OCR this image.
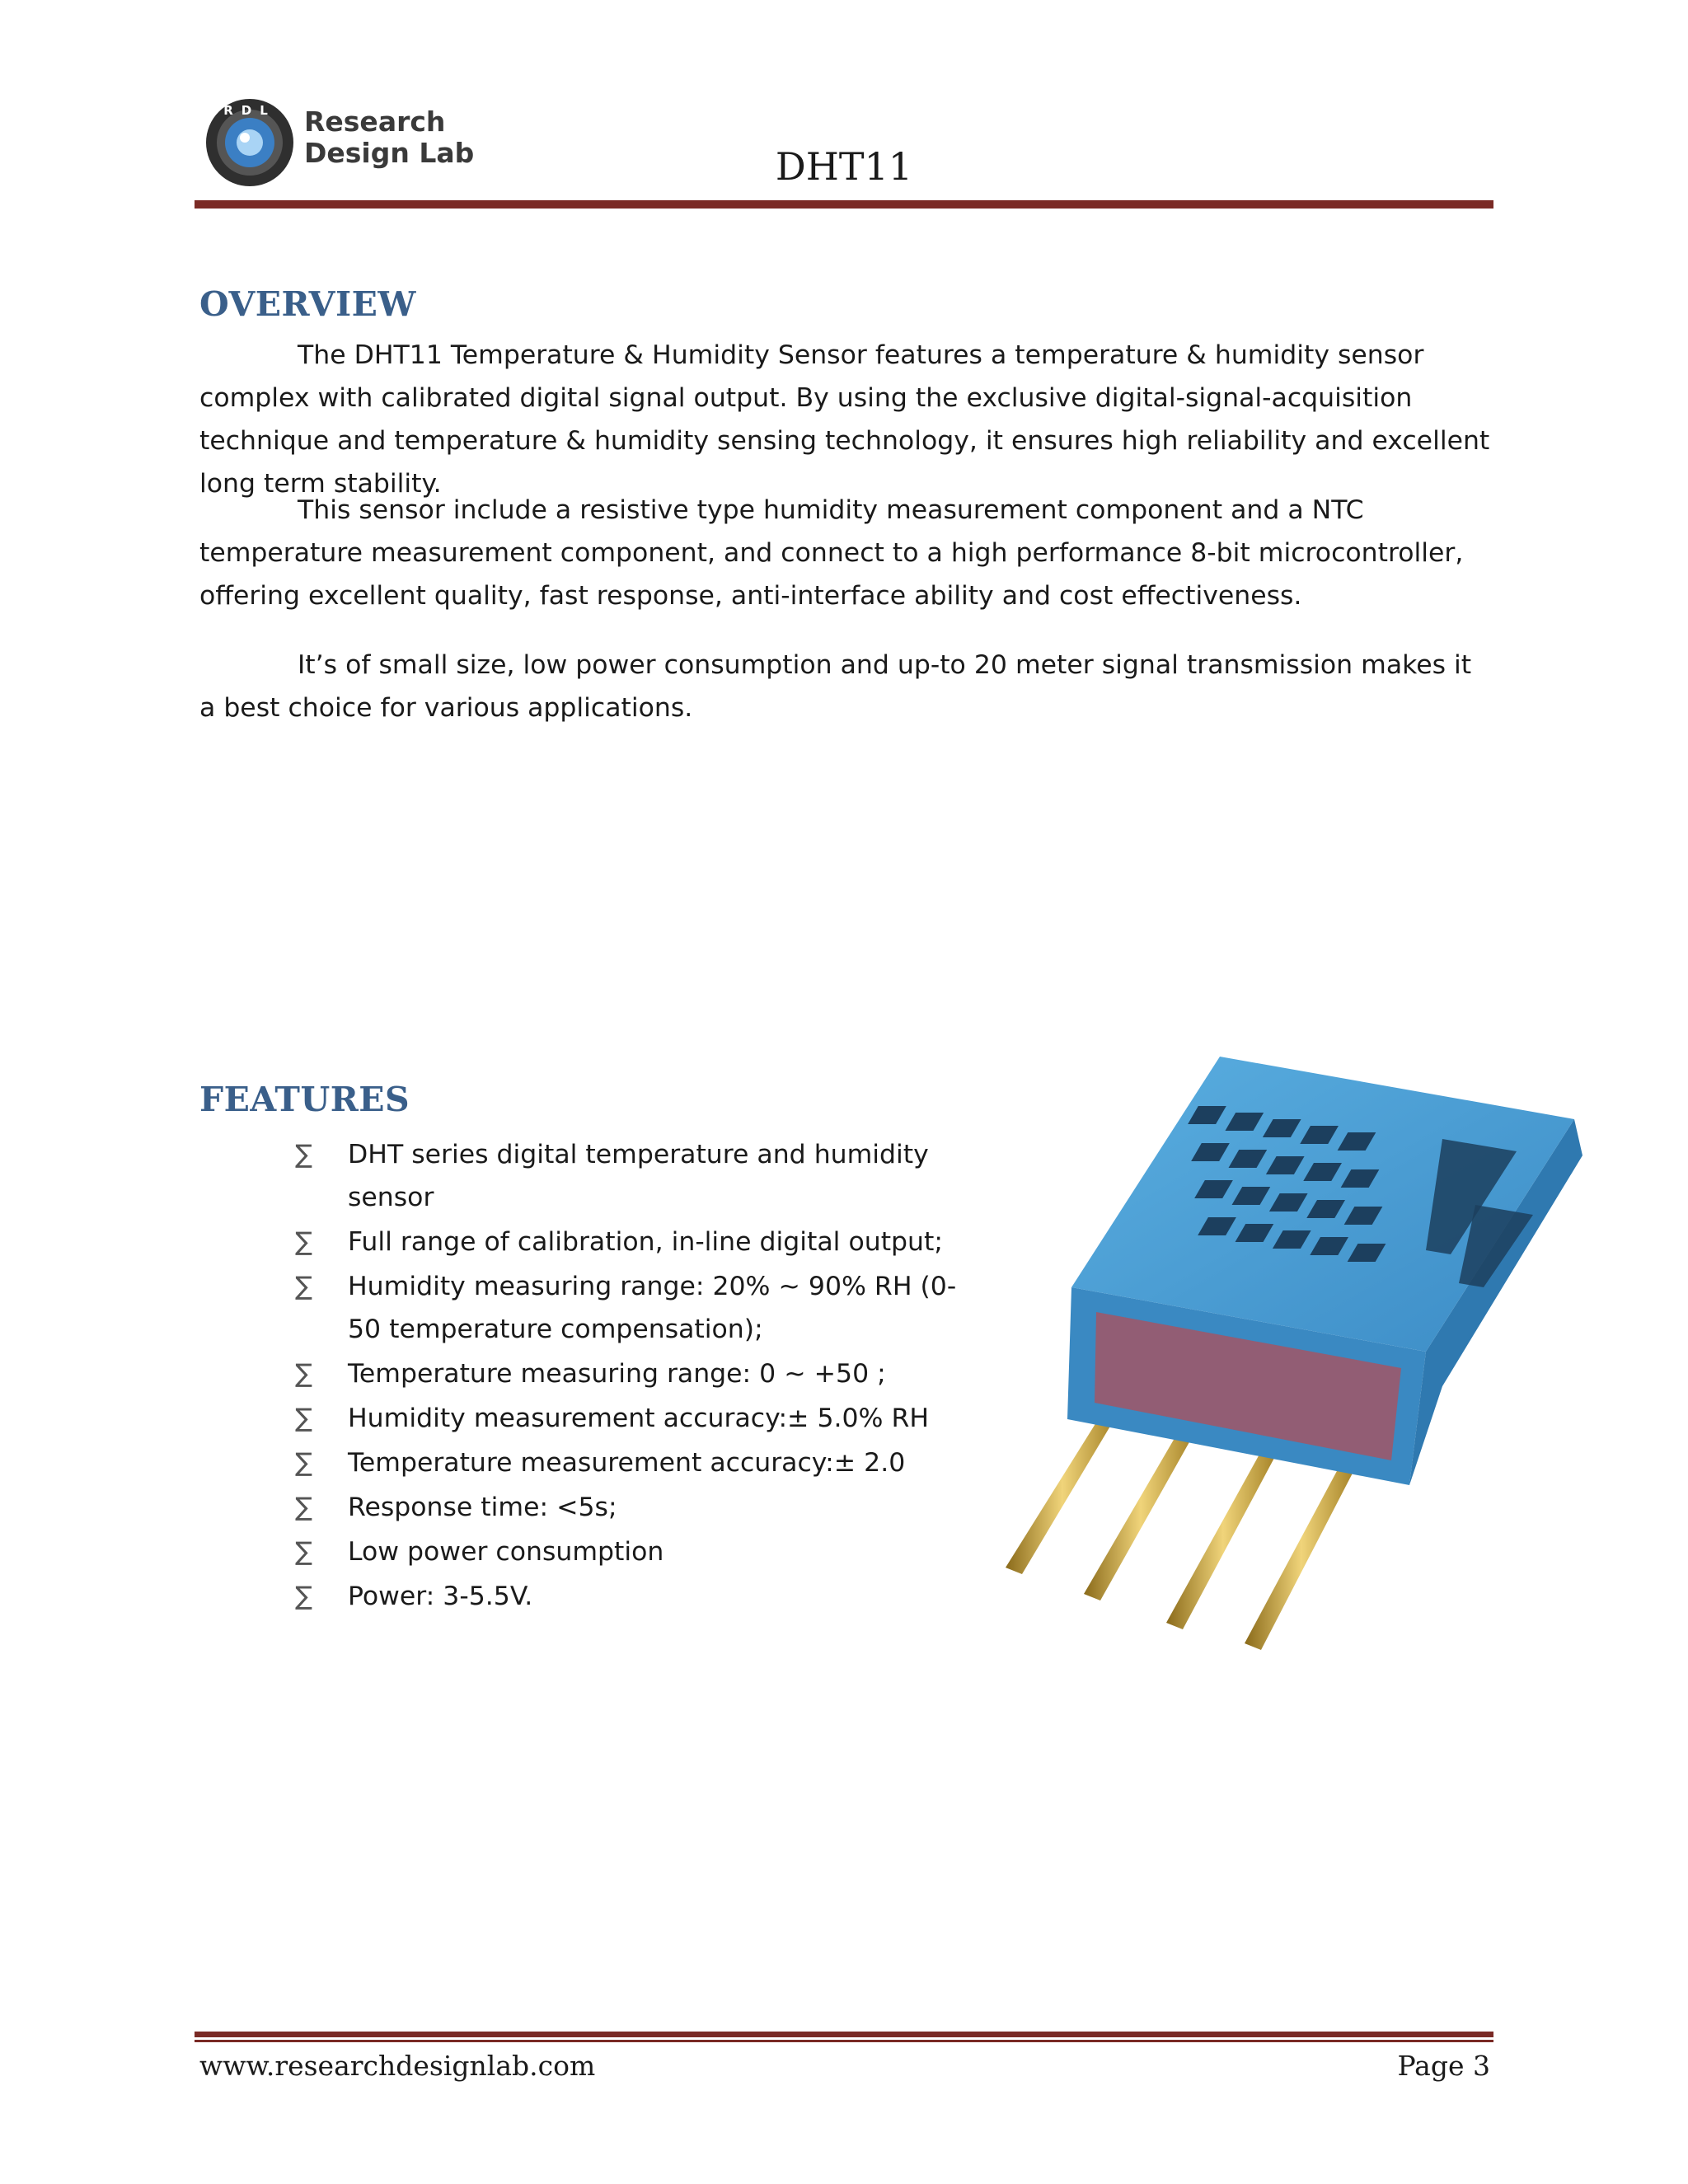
RDL Research
Design Lab	DHT11
OVERVIEW

The DHT11 Temperature & Humidity Sensor features a temperature & humidity sensor complex with calibrated digital signal output. By using the exclusive digital-signal-acquisition technique and temperature & humidity sensing technology, it ensures high reliability and excellent long term stability.

This sensor include a resistive type humidity measurement component and a NTC temperature measurement component, and connect to a high performance 8-bit microcontroller, offering excellent quality, fast response, anti-interface ability and cost effectiveness.

It’s of small size, low power consumption and up-to 20 meter signal transmission makes it a best choice for various applications.

FEATURES
∑ DHT series digital temperature and humidity sensor
∑ Full range of calibration, in-line digital output;
∑ Humidity measuring range: 20% ~ 90% RH (0-50 temperature compensation);
∑ Temperature measuring range: 0 ~ +50 ;
∑ Humidity measurement accuracy:± 5.0% RH
∑ Temperature measurement accuracy:± 2.0
∑ Response time: <5s;
∑ Low power consumption
∑ Power: 3-5.5V.
www.researchdesignlab.com	Page 3
